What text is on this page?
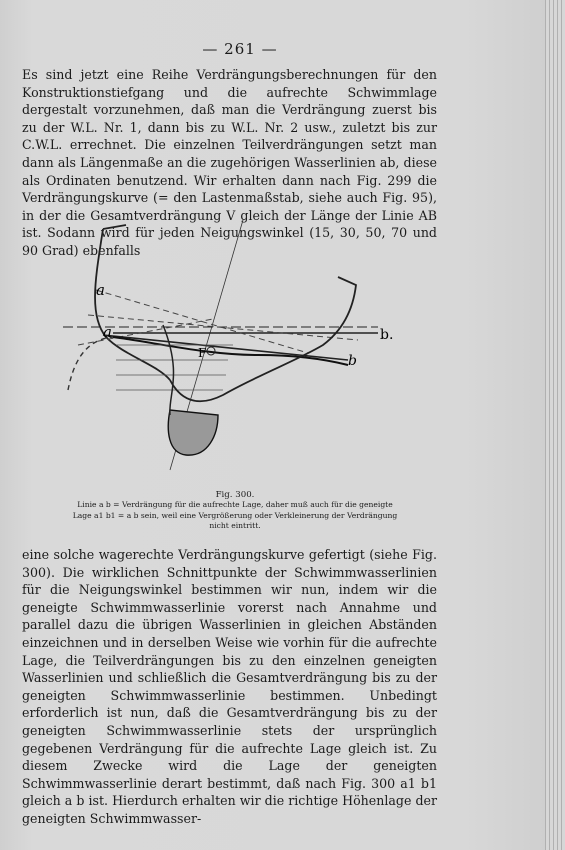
— 261 —

Es sind jetzt eine Reihe Verdrängungsberechnungen für den Konstruktionstiefgang und die aufrechte Schwimmlage dergestalt vorzunehmen, daß man die Verdrängung zuerst bis zu der W.L. Nr. 1, dann bis zu W.L. Nr. 2 usw., zuletzt bis zur C.W.L. errechnet. Die einzelnen Teilverdrängungen setzt man dann als Längenmaße an die zugehörigen Wasserlinien ab, diese als Ordinaten benutzend. Wir erhalten dann nach Fig. 299 die Verdrängungskurve (= den Lastenmaßstab, siehe auch Fig. 95), in der die Gesamtverdrängung V gleich der Länge der Linie AB ist. Sodann wird für jeden Neigungswinkel (15, 30, 50, 70 und 90 Grad) ebenfalls

a
a	b.
b
F
Fig. 300.
Linie a b = Verdrängung für die aufrechte Lage, daher muß auch für die geneigte
Lage a1 b1 = a b sein, weil eine Vergrößerung oder Verkleinerung der Verdrängung
nicht eintritt.

eine solche wagerechte Verdrängungskurve gefertigt (siehe Fig. 300). Die wirklichen Schnittpunkte der Schwimmwasserlinien für die Neigungswinkel bestimmen wir nun, indem wir die geneigte Schwimmwasserlinie vorerst nach Annahme und parallel dazu die übrigen Wasserlinien in gleichen Abständen einzeichnen und in derselben Weise wie vorhin für die aufrechte Lage, die Teilverdrängungen bis zu den einzelnen geneigten Wasserlinien und schließlich die Gesamtverdrängung bis zu der geneigten Schwimmwasserlinie bestimmen. Unbedingt erforderlich ist nun, daß die Gesamtverdrängung bis zu der geneigten Schwimmwasserlinie stets der ursprünglich gegebenen Verdrängung für die aufrechte Lage gleich ist. Zu diesem Zwecke wird die Lage der geneigten Schwimmwasserlinie derart bestimmt, daß nach Fig. 300 a1 b1 gleich a b ist. Hierdurch erhalten wir die richtige Höhenlage der geneigten Schwimmwasser-
